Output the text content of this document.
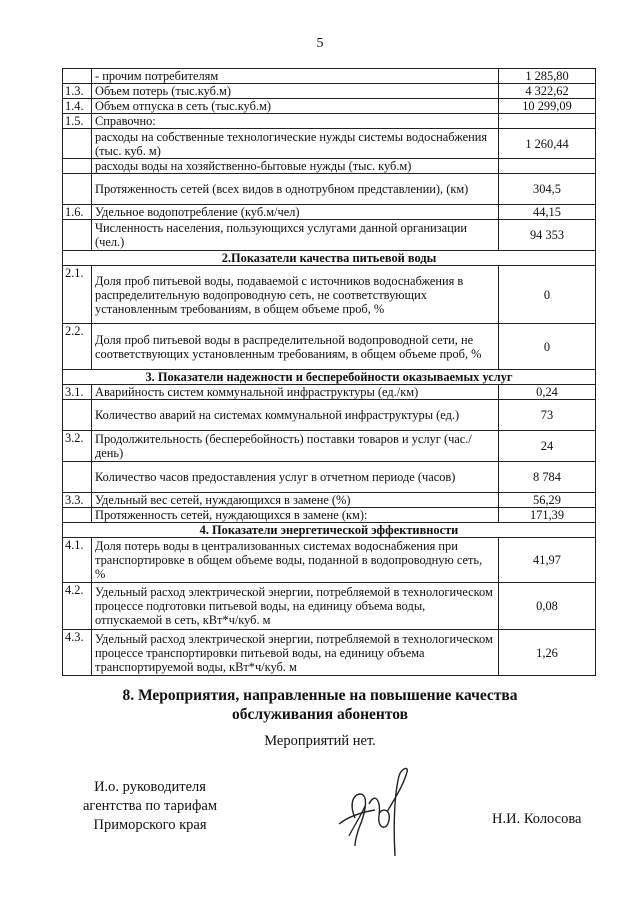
5
	- прочим потребителям	1 285,80
1.3.	Объем потерь (тыс.куб.м)	4 322,62
1.4.	Объем отпуска в сеть (тыс.куб.м)	10 299,09
1.5.	Справочно:	
	расходы на собственные технологические нужды системы водоснабжения (тыс. куб. м)	1 260,44
	расходы воды на хозяйственно-бытовые нужды (тыс. куб.м)	
	Протяженность сетей (всех видов в однотрубном представлении), (км)	304,5
1.6.	Удельное водопотребление (куб.м/чел)	44,15
	Численность населения, пользующихся услугами данной организации (чел.)	94 353
2.Показатели качества питьевой воды		
2.1.	Доля проб питьевой воды, подаваемой с источников водоснабжения в распределительную водопроводную сеть, не соответствующих установленным требованиям, в общем объеме проб, %	0
2.2.	Доля проб питьевой воды в распределительной водопроводной сети, не соответствующих установленным требованиям, в общем объеме проб, %	0
3. Показатели надежности и бесперебойности оказываемых услуг		
3.1.	Аварийность систем коммунальной инфраструктуры (ед./км)	0,24
	Количество аварий на системах коммунальной инфраструктуры (ед.)	73
3.2.	Продолжительность (бесперебойность) поставки товаров и услуг (час./день)	24
	Количество часов предоставления услуг в отчетном периоде (часов)	8 784
3.3.	Удельный вес сетей, нуждающихся в замене (%)	56,29
	Протяженность сетей, нуждающихся в замене (км):	171,39
4. Показатели энергетической эффективности		
4.1.	Доля потерь воды в централизованных системах водоснабжения при транспортировке в общем объеме воды, поданной в водопроводную сеть, %	41,97
4.2.	Удельный расход электрической энергии, потребляемой в технологическом процессе подготовки питьевой воды, на единицу объема воды, отпускаемой в сеть, кВт*ч/куб. м	0,08
4.3.	Удельный расход электрической энергии, потребляемой в технологическом процессе транспортировки питьевой воды, на единицу объема транспортируемой воды, кВт*ч/куб. м	1,26
8. Мероприятия, направленные на повышение качества
обслуживания абонентов
Мероприятий нет.
И.о. руководителя
агентства по тарифам
Приморского края	Н.И. Колосова
